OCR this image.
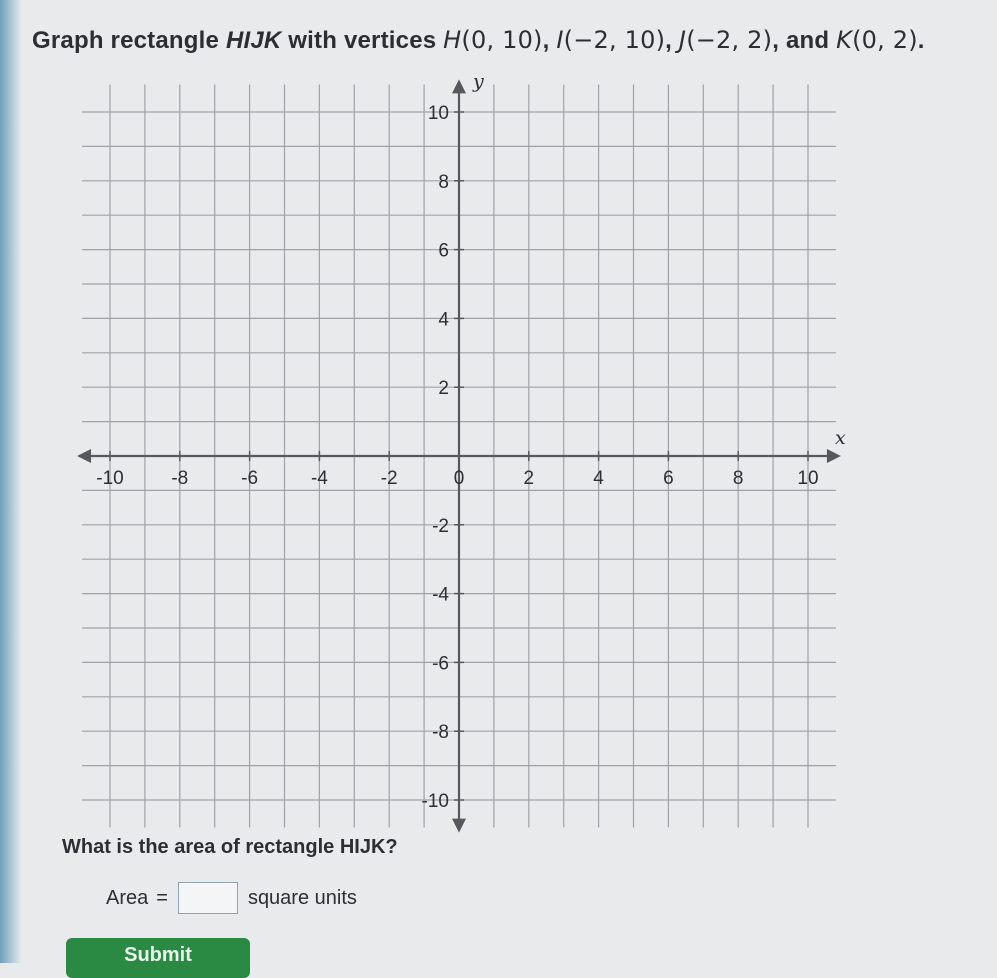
Graph rectangle HIJK with vertices H(0, 10), I(−2, 10), J(−2, 2), and K(0, 2).
x
y
-10	-8	-6	-4	-2	0	2	4	6	8	10
10
8
6
4
2
-2
-4
-6
-8
-10
What is the area of rectangle HIJK?
Area =	square units
Submit
